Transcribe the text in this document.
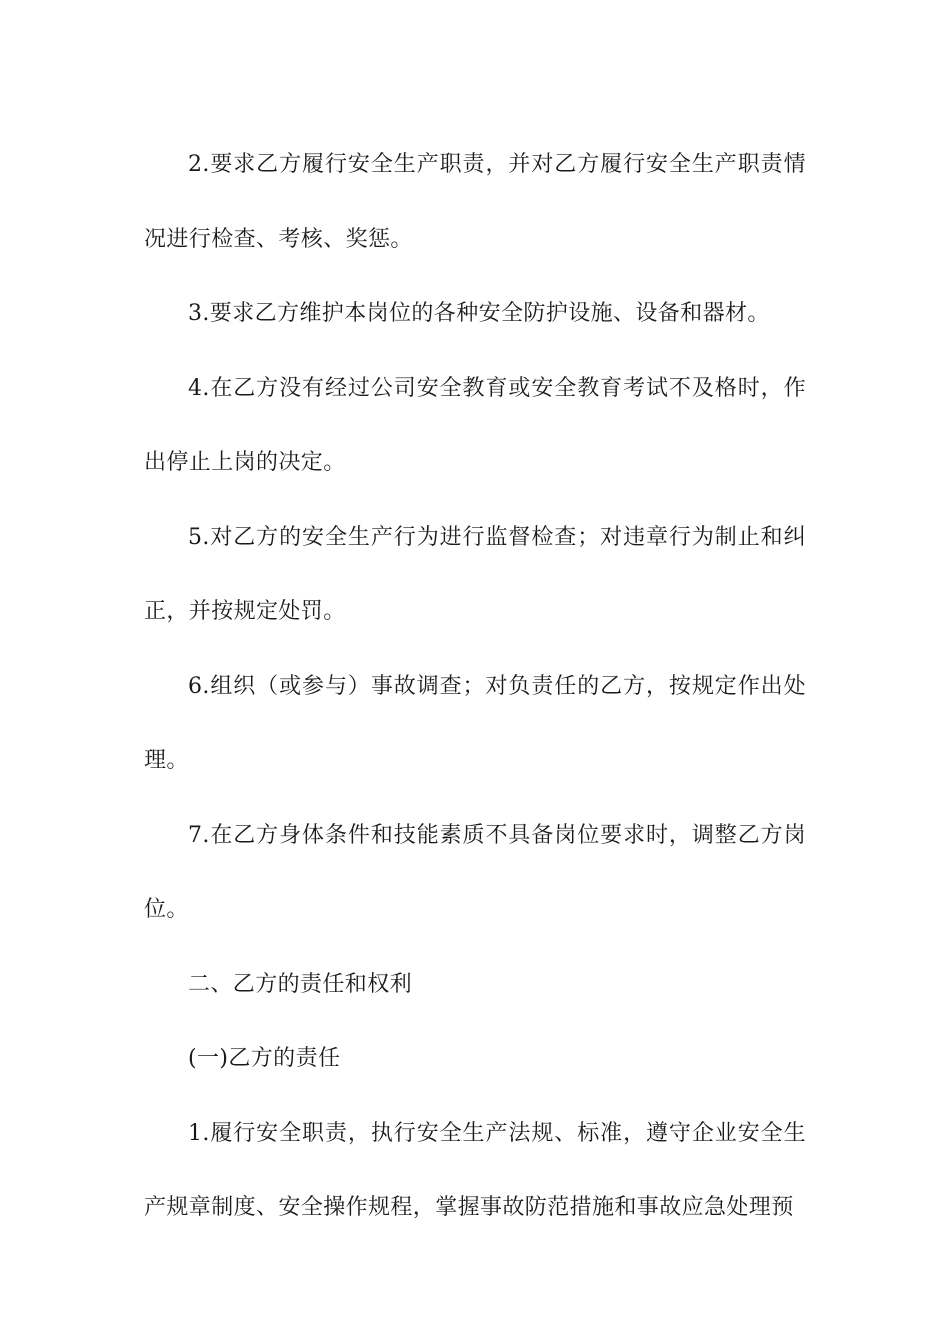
2.要求乙方履行安全生产职责，并对乙方履行安全生产职责情况进行检查、考核、奖惩。

3.要求乙方维护本岗位的各种安全防护设施、设备和器材。

4.在乙方没有经过公司安全教育或安全教育考试不及格时，作出停止上岗的决定。

5.对乙方的安全生产行为进行监督检查；对违章行为制止和纠正，并按规定处罚。

6.组织（或参与）事故调查；对负责任的乙方，按规定作出处理。

7.在乙方身体条件和技能素质不具备岗位要求时，调整乙方岗位。

二、乙方的责任和权利

(一)乙方的责任

1.履行安全职责，执行安全生产法规、标准，遵守企业安全生产规章制度、安全操作规程，掌握事故防范措施和事故应急处理预
